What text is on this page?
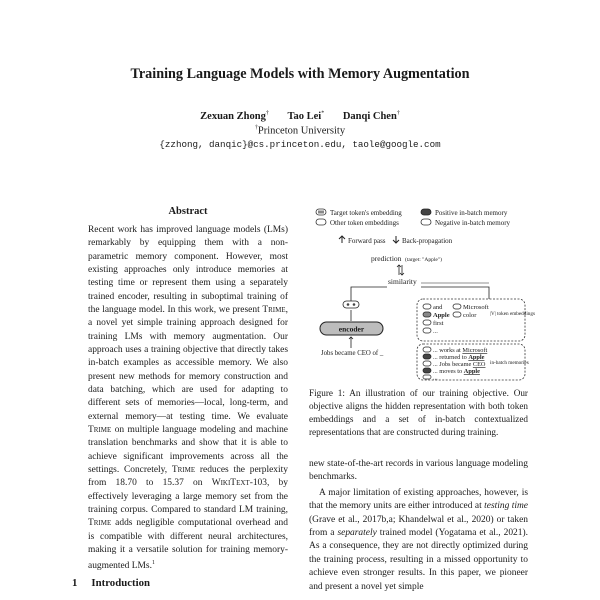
Training Language Models with Memory Augmentation
Zexuan Zhong† Tao Lei* Danqi Chen†
†Princeton University
{zzhong, danqic}@cs.princeton.edu, taole@google.com
Abstract
Recent work has improved language models (LMs) remarkably by equipping them with a non-parametric memory component. However, most existing approaches only introduce memories at testing time or represent them using a separately trained encoder, resulting in suboptimal training of the language model. In this work, we present Trime, a novel yet simple training approach designed for training LMs with memory augmentation. Our approach uses a training objective that directly takes in-batch examples as accessible memory. We also present new methods for memory construction and data batching, which are used for adapting to different sets of memories—local, long-term, and external memory—at testing time. We evaluate Trime on multiple language modeling and machine translation benchmarks and show that it is able to achieve significant improvements across all the settings. Concretely, Trime reduces the perplexity from 18.70 to 15.37 on WikiText-103, by effectively leveraging a large memory set from the training corpus. Compared to standard LM training, Trime adds negligible computational overhead and is compatible with different neural architectures, making it a versatile solution for training memory-augmented LMs.$^1$
1 Introduction
Target token's embedding	Positive in-batch memory
Other token embeddings	Negative in-batch memory
Forward pass Back-propagation
prediction (target: "Apple")
similarity
encoder
Jobs became CEO of _
and	Microsoft
Apple color
first
...
|V| token embeddings
... works at Microsoft
... returned to Apple
... Jobs became CEO
... moves to Apple
...
in-batch memories
Figure 1: An illustration of our training objective. Our objective aligns the hidden representation with both token embeddings and a set of in-batch contextualized representations that are constructed during training.

new state-of-the-art records in various language modeling benchmarks.

A major limitation of existing approaches, however, is that the memory units are either introduced at testing time (Grave et al., 2017b,a; Khandelwal et al., 2020) or taken from a separately trained model (Yogatama et al., 2021). As a consequence, they are not directly optimized during the training process, resulting in a missed opportunity to achieve even stronger results. In this paper, we pioneer and present a novel yet simple
